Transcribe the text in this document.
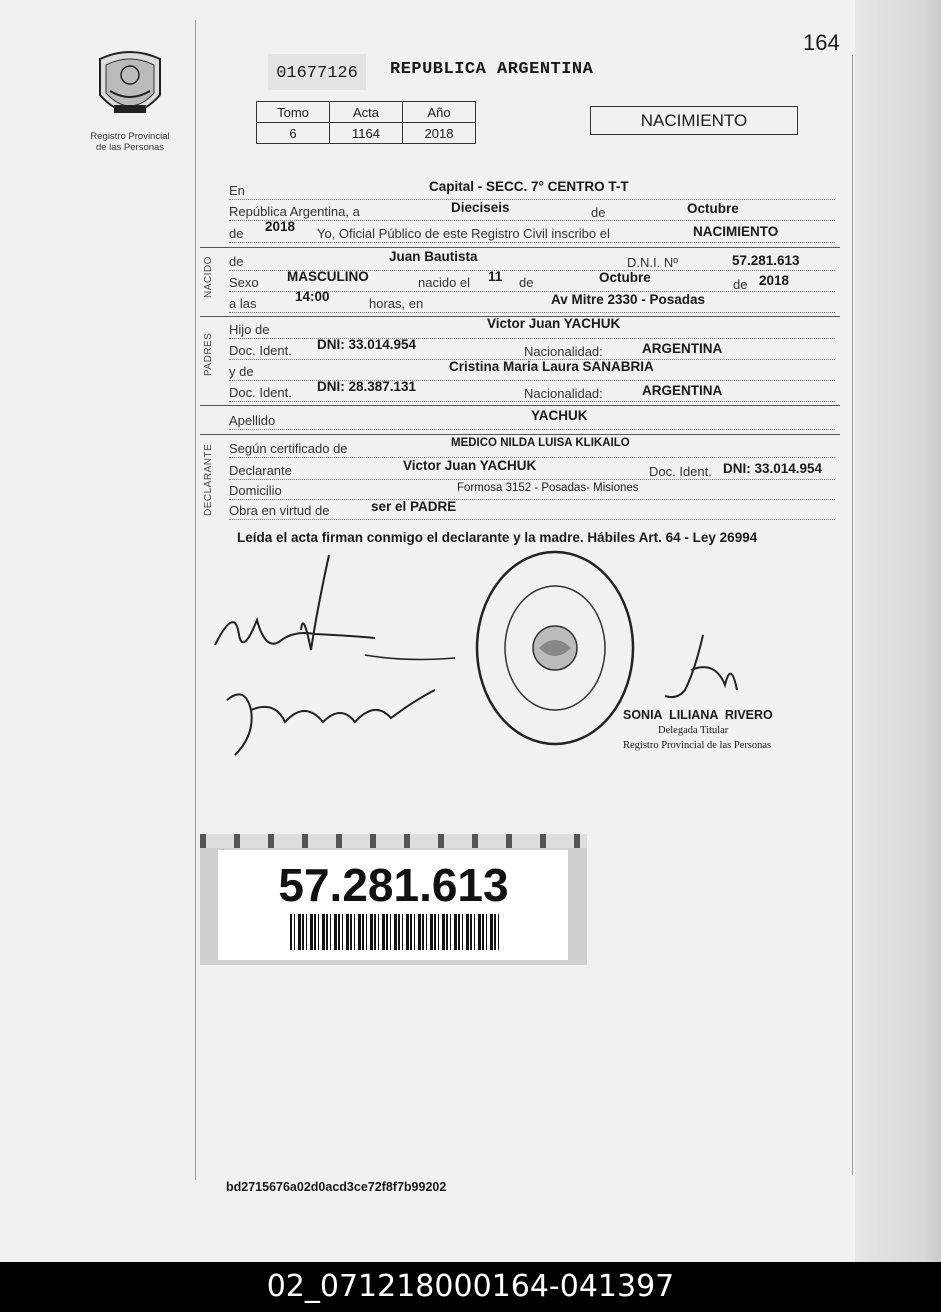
164
Registro Provincial
de las Personas
01677126	REPUBLICA ARGENTINA
NACIMIENTO
Tomo	Acta	Año
6	1164	2018
En	Capital - SECC. 7° CENTRO T-T
República Argentina, a	Dieciseis	de	Octubre
de 2018 Yo, Oficial Público de este Registro Civil inscribo el	NACIMIENTO
NACIDO de	Juan Bautista	D.N.I. Nº	57.281.613
Sexo MASCULINO	nacido el 11 de	Octubre	de 2018
a las	14:00	horas, en	Av Mitre 2330 - Posadas
PADRES
Hijo de	Victor Juan YACHUK
Doc. Ident. DNI: 33.014.954	Nacionalidad:	ARGENTINA
y de	Cristina Maria Laura SANABRIA
Doc. Ident. DNI: 28.387.131	Nacionalidad:	ARGENTINA
Apellido	YACHUK
DECLARANTE Según certificado de	MEDICO NILDA LUISA KLIKAILO
Declarante	Victor Juan YACHUK	Doc. Ident. DNI: 33.014.954
Domicilio	Formosa 3152 - Posadas- Misiones
Obra en virtud de	ser el PADRE
Leída el acta firman conmigo el declarante y la madre. Hábiles Art. 64 - Ley 26994
SONIA  LILIANA  RIVERO
Delegada Titular
Registro Provincial de las Personas
57.281.613
bd2715676a02d0acd3ce72f8f7b99202
02_071218000164-041397
